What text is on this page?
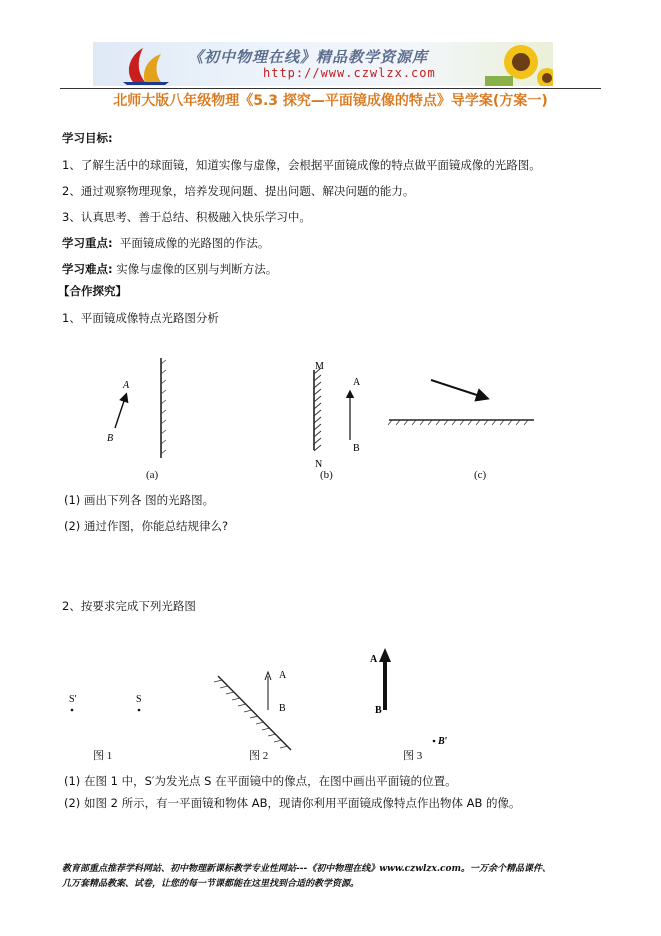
《初中物理在线》精品教学资源库
http://www.czwlzx.com
北师大版八年级物理《5.3 探究—平面镜成像的特点》导学案(方案一)
学习目标:
1、了解生活中的球面镜，知道实像与虚像，会根据平面镜成像的特点做平面镜成像的光路图。
2、通过观察物理现象，培养发现问题、提出问题、解决问题的能力。
3、认真思考、善于总结、积极融入快乐学习中。
学习重点: 平面镜成像的光路图的作法。
学习难点: 实像与虚像的区别与判断方法。
【合作探究】
1、平面镜成像特点光路图分析
A
B
M
N
A
B
(a)	(b)	(c)
(1) 画出下列各 图的光路图。
(2) 通过作图，你能总结规律么?
2、按要求完成下列光路图
S′	S
A
B
A
B
B′
图 1	图 2	图 3
(1) 在图 1 中，S′为发光点 S 在平面镜中的像点，在图中画出平面镜的位置。
(2) 如图 2 所示，有一平面镜和物体 AB，现请你利用平面镜成像特点作出物体 AB 的像。
教育部重点推荐学科网站、初中物理新课标教学专业性网站---《初中物理在线》www.czwlzx.com。一万余个精品课件、
几万套精品教案、试卷，让您的每一节课都能在这里找到合适的教学资源。
